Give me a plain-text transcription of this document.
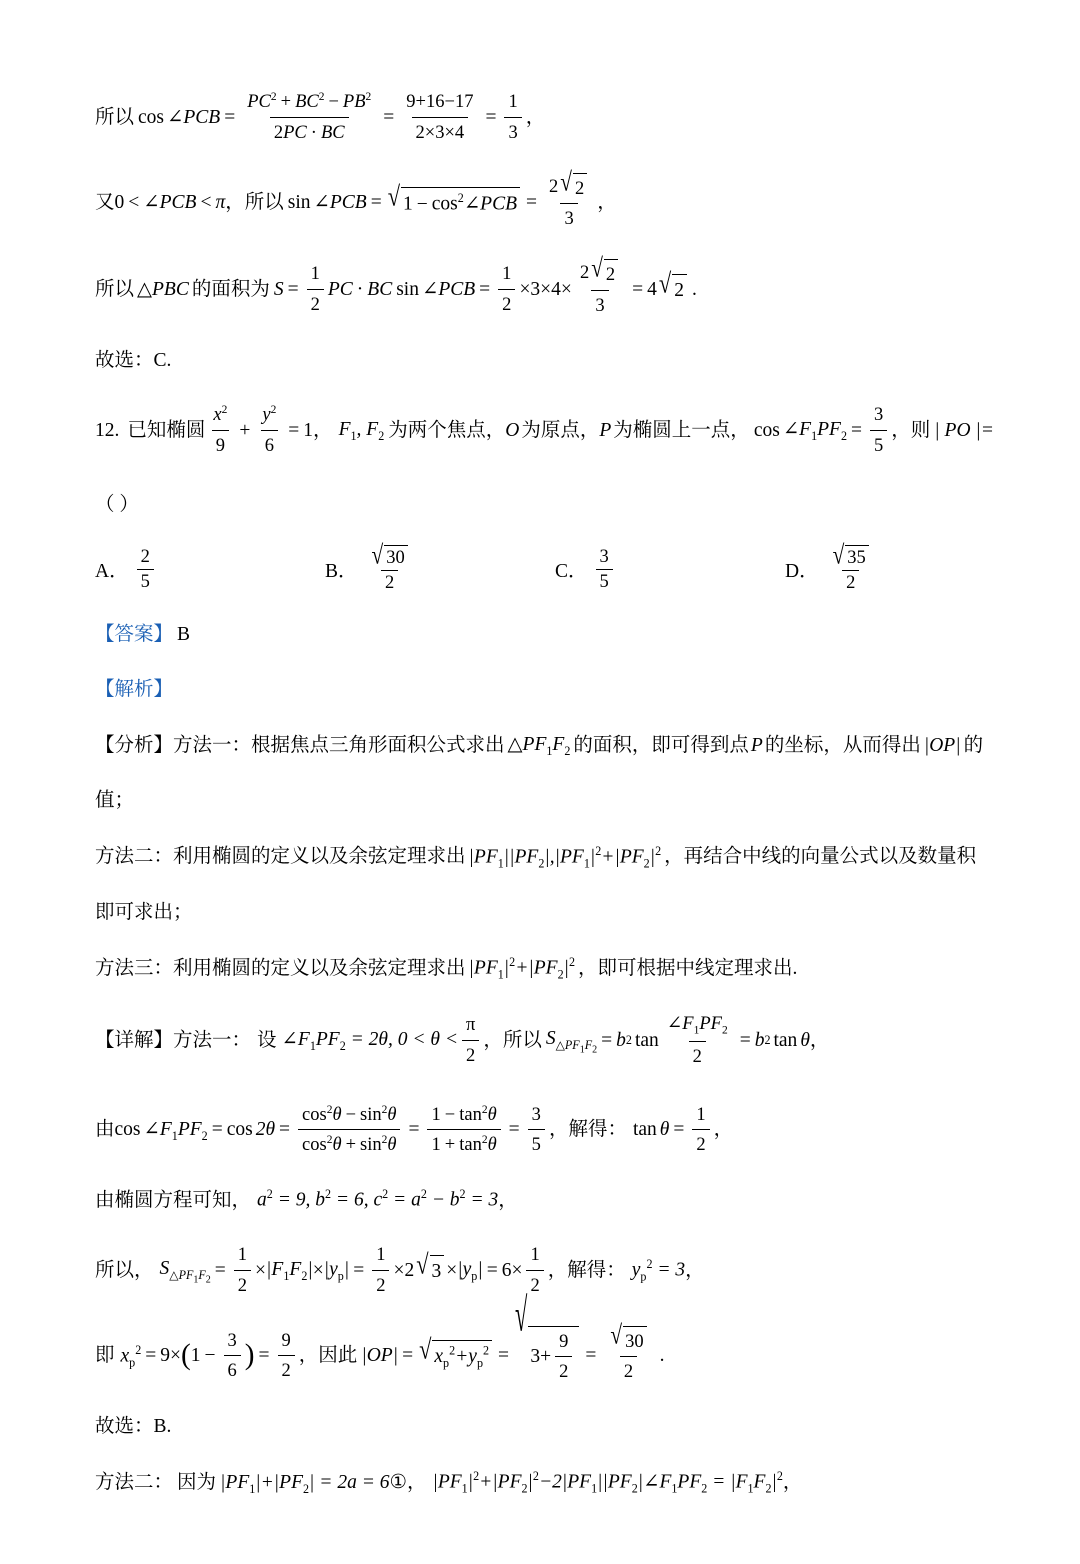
所以 cos ∠PCB = $\frac{PC^2 + BC^2 - PB^2}{2PC \cdot BC} = \frac{9+16-17}{2\times 3\times 4} = \frac{1}{3}$ ，
又 0 < ∠PCB < π ，所以 sin ∠PCB = √ $1 - \cos^2\angle PCB = \frac{2 √ 2}{3}$ ，
所以 △PBC 的面积为 $S = \frac{1}{2}$ PC · BC sin ∠PCB = $\frac{1}{2} \times 3\times 4\times \frac{2 √ 2}{3} = 4$ √ 2 .
故选：C.
12. 已知椭圆 $\frac{x^2}{9} + \frac{y^2}{6} = 1$ ， $F_1$, $F_2$ 为两个焦点， O 为原点， P 为椭圆上一点， $\cos \angle F_1PF_2 = \frac{3}{5}$ ，则 | PO |=
（ ）
A． $\frac{2}{5}$	B． $\frac{√ 30}{2}$	C． $\frac{3}{5}$	D． $\frac{√ 35}{2}$
【答案】 B
【解析】
【分析】 方法一： 根据焦点三角形面积公式求出 $\triangle PF_1F_2$ 的面积，即可得到点 P 的坐标，从而得出 |OP| 的
值；
方法二： 利用椭圆的定义以及余弦定理求出 $|PF_1||PF_2|,|PF_1|^2+|PF_2|^2$ ，再结合中线的向量公式以及数量积
即可求出；
方法三： 利用椭圆的定义以及余弦定理求出 $|PF_1|^2+|PF_2|^2$ ，即可根据中线定理求出.
【详解】 方法一： 设 $\angle F_1PF_2 = 2\theta$, $0 < \theta < \frac{\pi}{2}$ ，所以 $S_{\triangle PF_1F_2} = b$ 2 $\tan \frac{\angle F_1PF_2}{2} = b$ 2 tan θ ，
由 $\cos \angle F_1PF_2 = \cos 2\theta = \frac{\cos^2\theta - \sin^2\theta}{\cos^2\theta + \sin^2\theta} = \frac{1 - \tan^2\theta}{1 + \tan^2\theta} = \frac{3}{5}$ ，解得： $\tan \theta = \frac{1}{2}$ ，
由椭圆方程可知， $a^2 = 9$, $b^2 = 6$, $c^2 = a^2 - b^2 = 3$ ，
所以， $S_{\triangle PF_1F_2} = \frac{1}{2} \times |F_1F_2| \times |y_p| = \frac{1}{2} \times 2$ √ $3 \times |y_p| = 6\times \frac{1}{2}$ ，解得： $y_p^2 = 3$ ，
即 $x_p^2 = 9\times$ ( $1 - \frac{3}{6}$ ) = $\frac{9}{2}$ ，因此 |OP| = √ $x_p^2+y_p^2$ =
√
$3+ \frac{9}{2} = \frac{√ 30}{2}$ .
故选：B.
方法二： 因为 $|PF_1|+|PF_2| = 2a = 6$ ①， $|PF_1|^2+|PF_2|^2-2|PF_1||PF_2|\angle F_1PF_2 = |F_1F_2|^2$ ，
